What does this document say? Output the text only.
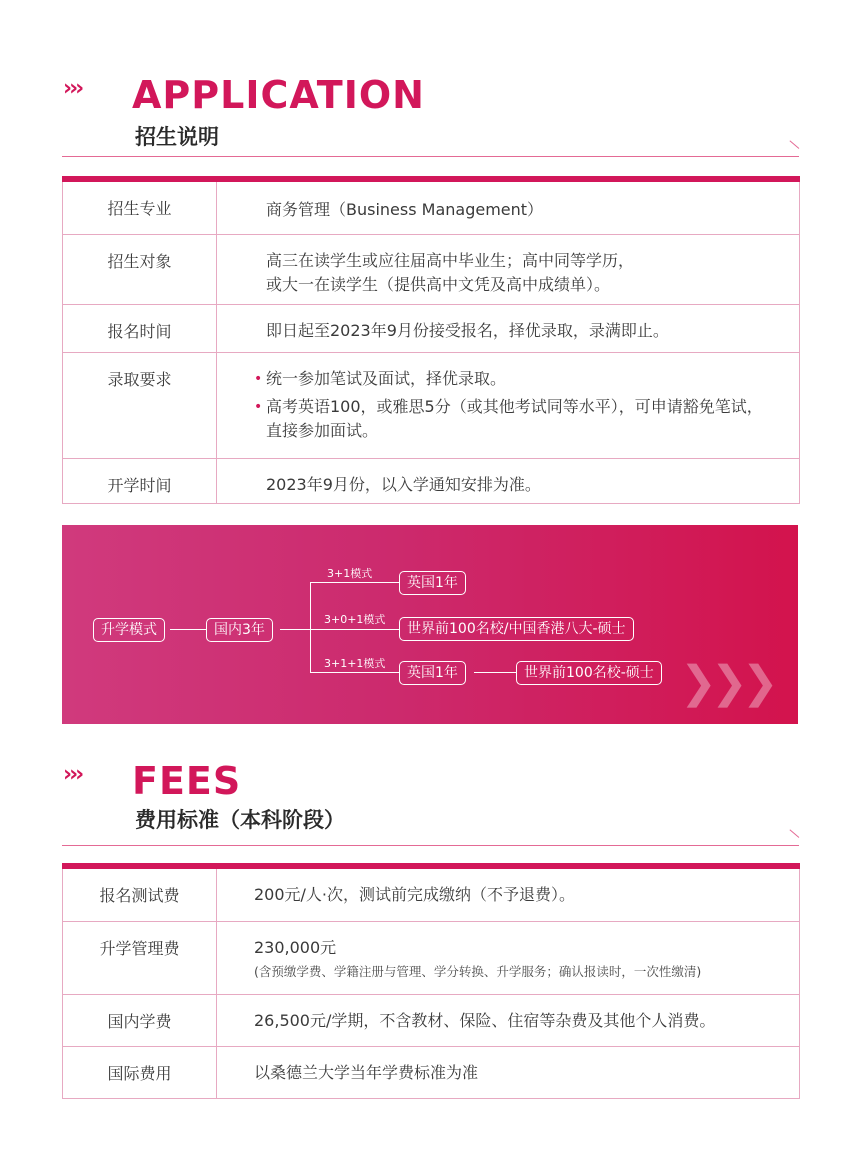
››› APPLICATION
招生说明
招生专业	商务管理（Business Management）

招生对象	高三在读学生或应往届高中毕业生；高中同等学历，
或大一在读学生（提供高中文凭及高中成绩单）。

报名时间	即日起至2023年9月份接受报名，择优录取，录满即止。

录取要求	• 统一参加笔试及面试，择优录取。
• 高考英语100，或雅思5分（或其他考试同等水平），可申请豁免笔试，
直接参加面试。

开学时间	2023年9月份，以入学通知安排为准。
升学模式	国内3年
3+1模式
英国1年
3+0+1模式
世界前100名校/中国香港八大-硕士
3+1+1模式
英国1年	世界前100名校-硕士 ❯❯❯
››› FEES
费用标准（本科阶段）
报名测试费	200元/人·次，测试前完成缴纳（不予退费）。

升学管理费	230,000元
(含预缴学费、学籍注册与管理、学分转换、升学服务；确认报读时，一次性缴清)

国内学费	26,500元/学期，不含教材、保险、住宿等杂费及其他个人消费。

国际费用	以桑德兰大学当年学费标准为准
